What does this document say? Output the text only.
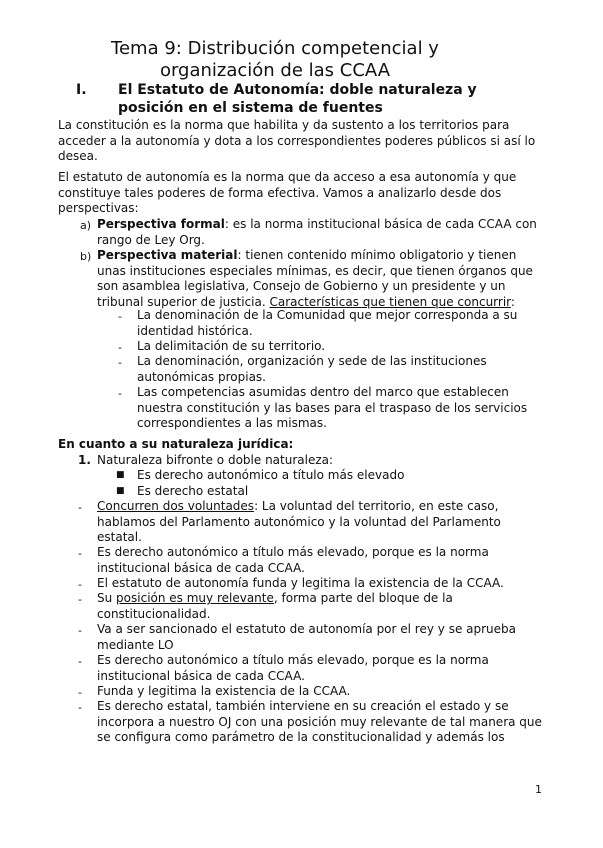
Tema 9: Distribución competencial y
organización de las CCAA
I. El Estatuto de Autonomía: doble naturaleza y
posición en el sistema de fuentes
La constitución es la norma que habilita y da sustento a los territorios para acceder a la autonomía y dota a los correspondientes poderes públicos si así lo desea.
El estatuto de autonomía es la norma que da acceso a esa autonomía y que constituye tales poderes de forma efectiva. Vamos a analizarlo desde dos perspectivas:
a) Perspectiva formal: es la norma institucional básica de cada CCAA con rango de Ley Org.
b) Perspectiva material: tienen contenido mínimo obligatorio y tienen unas instituciones especiales mínimas, es decir, que tienen órganos que son asamblea legislativa, Consejo de Gobierno y un presidente y un tribunal superior de justicia. Características que tienen que concurrir:
- La denominación de la Comunidad que mejor corresponda a su identidad histórica.
- La delimitación de su territorio.
- La denominación, organización y sede de las instituciones autonómicas propias.
- Las competencias asumidas dentro del marco que establecen nuestra constitución y las bases para el traspaso de los servicios correspondientes a las mismas.
En cuanto a su naturaleza jurídica:
1. Naturaleza bifronte o doble naturaleza:
■ Es derecho autonómico a título más elevado
■ Es derecho estatal
- Concurren dos voluntades: La voluntad del territorio, en este caso, hablamos del Parlamento autonómico y la voluntad del Parlamento estatal.
- Es derecho autonómico a título más elevado, porque es la norma institucional básica de cada CCAA.
- El estatuto de autonomía funda y legitima la existencia de la CCAA.
- Su posición es muy relevante, forma parte del bloque de la constitucionalidad.
- Va a ser sancionado el estatuto de autonomía por el rey y se aprueba mediante LO
- Es derecho autonómico a título más elevado, porque es la norma institucional básica de cada CCAA.
- Funda y legitima la existencia de la CCAA.
- Es derecho estatal, también interviene en su creación el estado y se incorpora a nuestro OJ con una posición muy relevante de tal manera que se configura como parámetro de la constitucionalidad y además los
1
